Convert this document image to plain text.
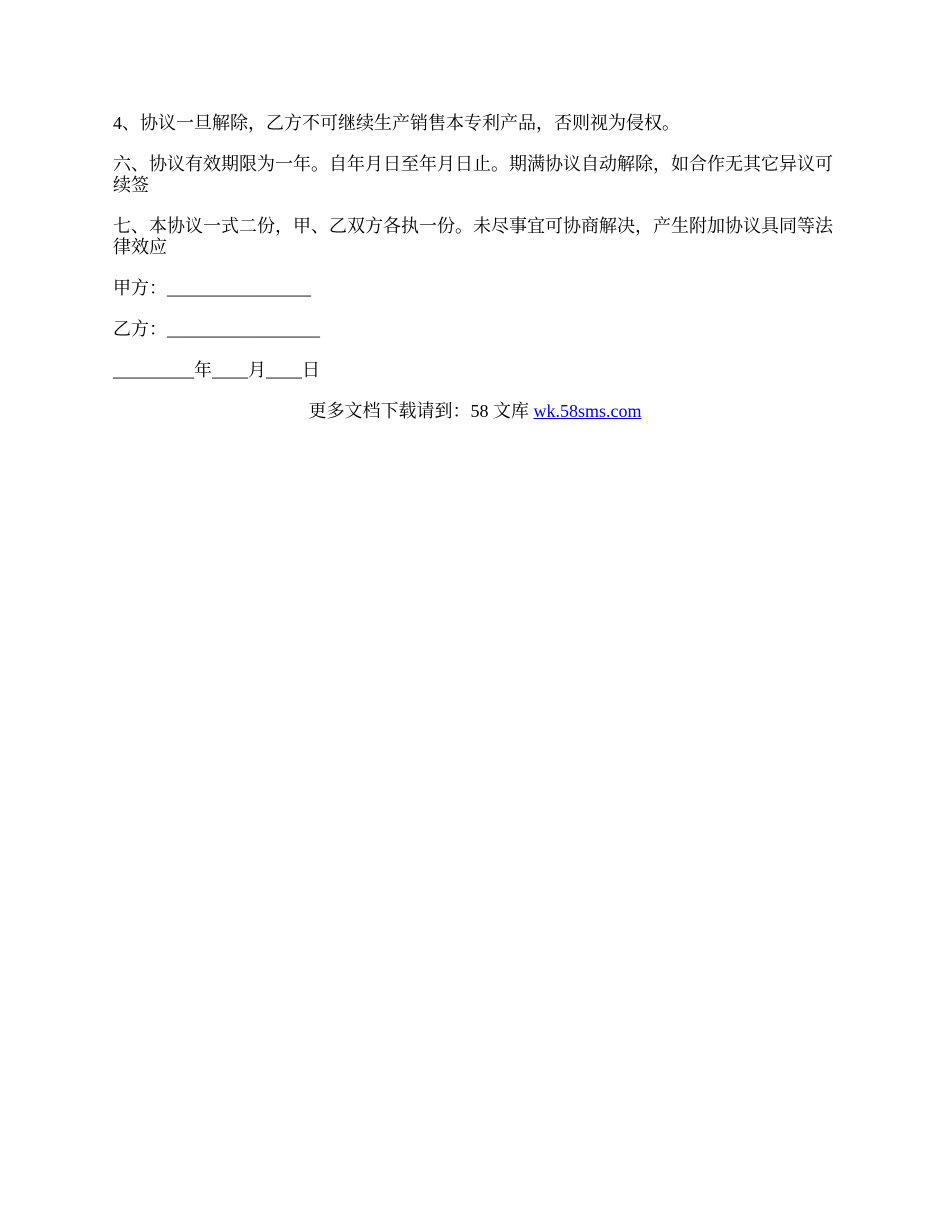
4、协议一旦解除，乙方不可继续生产销售本专利产品，否则视为侵权。

六、协议有效期限为一年。自年月日至年月日止。期满协议自动解除，如合作无其它异议可续签

七、本协议一式二份，甲、乙双方各执一份。未尽事宜可协商解决，产生附加协议具同等法律效应

甲方：________________

乙方：_________________

_________年____月____日

更多文档下载请到：58 文库 wk.58sms.com
